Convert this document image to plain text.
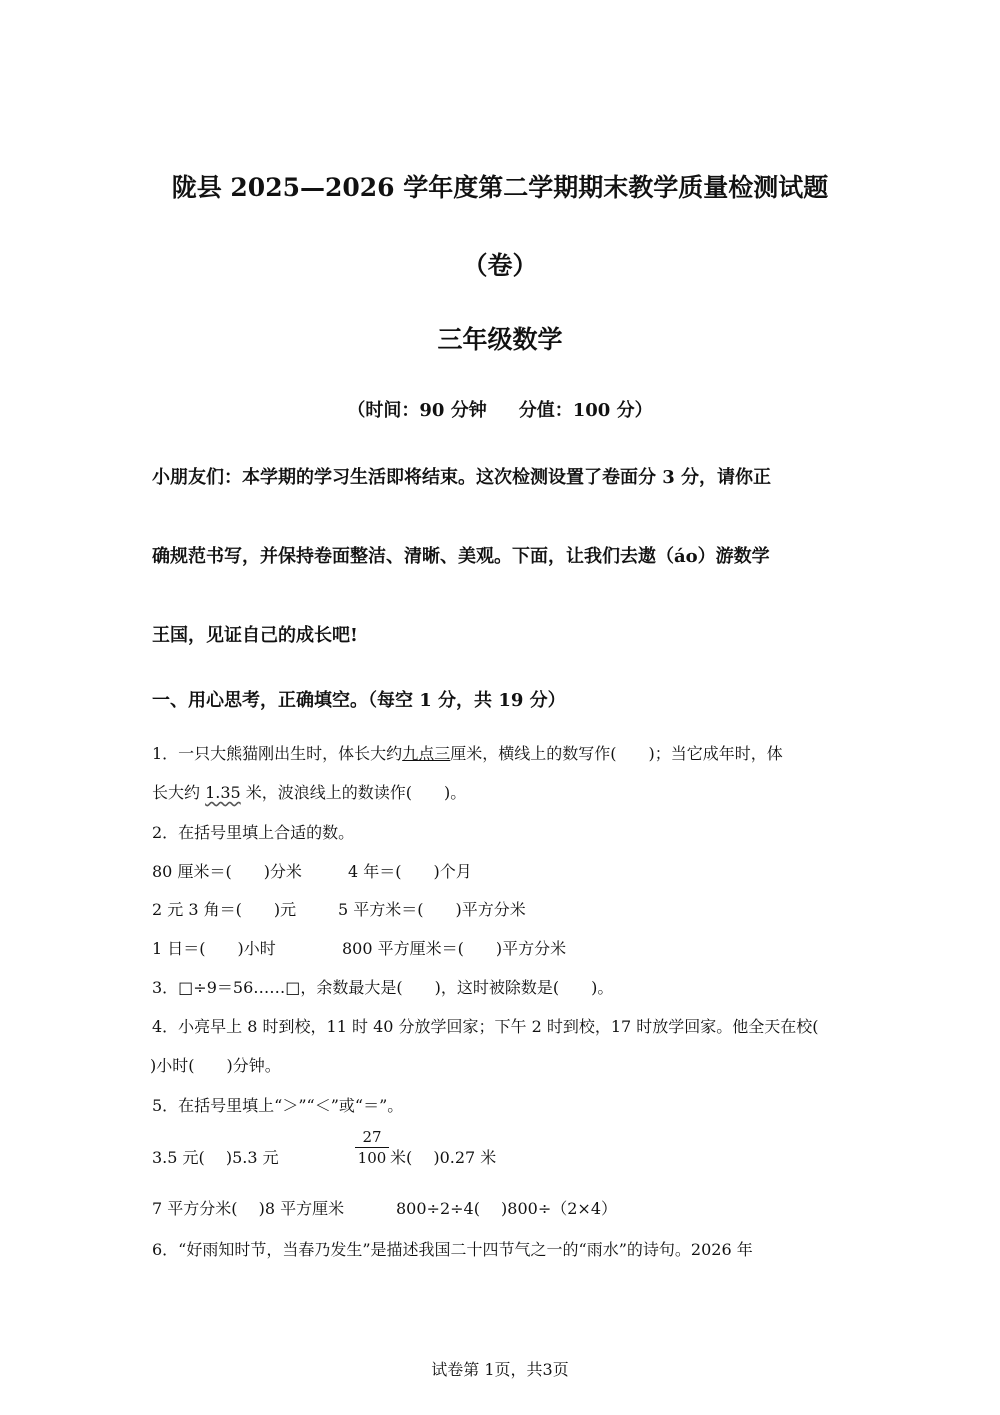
陇县 2025—2026 学年度第二学期期末教学质量检测试题
（卷）
三年级数学
（时间：90 分钟 分值：100 分）
小朋友们：本学期的学习生活即将结束。这次检测设置了卷面分 3 分，请你正
确规范书写，并保持卷面整洁、清晰、美观。下面，让我们去遨（áo）游数学
王国，见证自己的成长吧!
一、用心思考，正确填空。（每空 1 分，共 19 分）
1．一只大熊猫刚出生时，体长大约九点三厘米，横线上的数写作(　　)；当它成年时，体
长大约 1.35 米，波浪线上的数读作(　　)。
2．在括号里填上合适的数。
80 厘米＝(　　)分米	4 年＝(　　)个月
2 元 3 角＝(　　)元	5 平方米＝(　　)平方分米
1 日＝(　　)小时	800 平方厘米＝(　　)平方分米
3．□÷9＝56……□，余数最大是(　　)，这时被除数是(　　)。
4．小亮早上 8 时到校，11 时 40 分放学回家；下午 2 时到校，17 时放学回家。他全天在校(
)小时(　　)分钟。
5．在括号里填上“＞”“＜”或“＝”。
3.5 元(　 )5.3 元	$\frac{27}{100}$ 米(　 )0.27 米
7 平方分米(　 )8 平方厘米	800÷2÷4(　 )800÷（2×4）
6．“好雨知时节，当春乃发生”是描述我国二十四节气之一的“雨水”的诗句。2026 年
试卷第 1页，共3页
